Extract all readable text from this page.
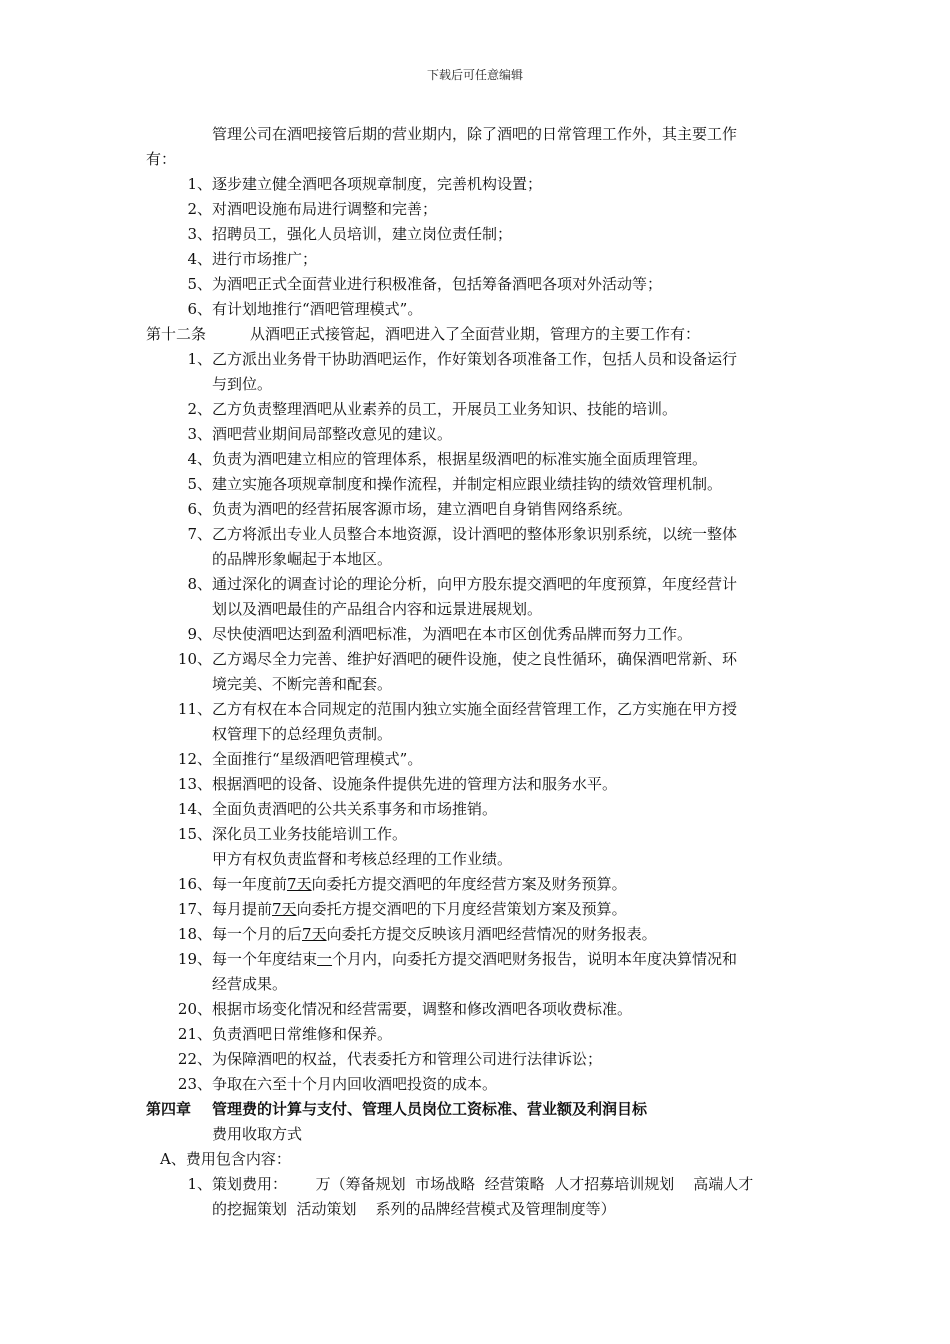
下载后可任意编辑
管理公司在酒吧接管后期的营业期内，除了酒吧的日常管理工作外，其主要工作
有：
1、逐步建立健全酒吧各项规章制度，完善机构设置；
2、对酒吧设施布局进行调整和完善；
3、招聘员工，强化人员培训，建立岗位责任制；
4、进行市场推广；
5、为酒吧正式全面营业进行积极准备，包括筹备酒吧各项对外活动等；
6、有计划地推行“酒吧管理模式”。
第十二条	从酒吧正式接管起，酒吧进入了全面营业期，管理方的主要工作有：
1、乙方派出业务骨干协助酒吧运作，作好策划各项准备工作，包括人员和设备运行
与到位。
2、乙方负责整理酒吧从业素养的员工，开展员工业务知识、技能的培训。
3、酒吧营业期间局部整改意见的建议。
4、负责为酒吧建立相应的管理体系，根据星级酒吧的标准实施全面质理管理。
5、建立实施各项规章制度和操作流程，并制定相应跟业绩挂钩的绩效管理机制。
6、负责为酒吧的经营拓展客源市场，建立酒吧自身销售网络系统。
7、乙方将派出专业人员整合本地资源，设计酒吧的整体形象识别系统，以统一整体
的品牌形象崛起于本地区。
8、通过深化的调查讨论的理论分析，向甲方股东提交酒吧的年度预算，年度经营计
划以及酒吧最佳的产品组合内容和远景进展规划。
9、尽快使酒吧达到盈利酒吧标准，为酒吧在本市区创优秀品牌而努力工作。
10、乙方竭尽全力完善、维护好酒吧的硬件设施，使之良性循环，确保酒吧常新、环
境完美、不断完善和配套。
11、乙方有权在本合同规定的范围内独立实施全面经营管理工作，乙方实施在甲方授
权管理下的总经理负责制。
12、全面推行“星级酒吧管理模式”。
13、根据酒吧的设备、设施条件提供先进的管理方法和服务水平。
14、全面负责酒吧的公共关系事务和市场推销。
15、深化员工业务技能培训工作。
甲方有权负责监督和考核总经理的工作业绩。
16、每一年度前7天向委托方提交酒吧的年度经营方案及财务预算。
17、每月提前7天向委托方提交酒吧的下月度经营策划方案及预算。
18、每一个月的后7天向委托方提交反映该月酒吧经营情况的财务报表。
19、每一个年度结束一个月内，向委托方提交酒吧财务报告，说明本年度决算情况和
经营成果。
20、根据市场变化情况和经营需要，调整和修改酒吧各项收费标准。
21、负责酒吧日常维修和保养。
22、为保障酒吧的权益，代表委托方和管理公司进行法律诉讼；
23、争取在六至十个月内回收酒吧投资的成本。
第四章 管理费的计算与支付、管理人员岗位工资标准、营业额及利润目标
费用收取方式
A、费用包含内容：
1、策划费用：      万（筹备规划  市场战略  经营策略  人才招募培训规划    高端人才
的挖掘策划  活动策划    系列的品牌经营模式及管理制度等）
